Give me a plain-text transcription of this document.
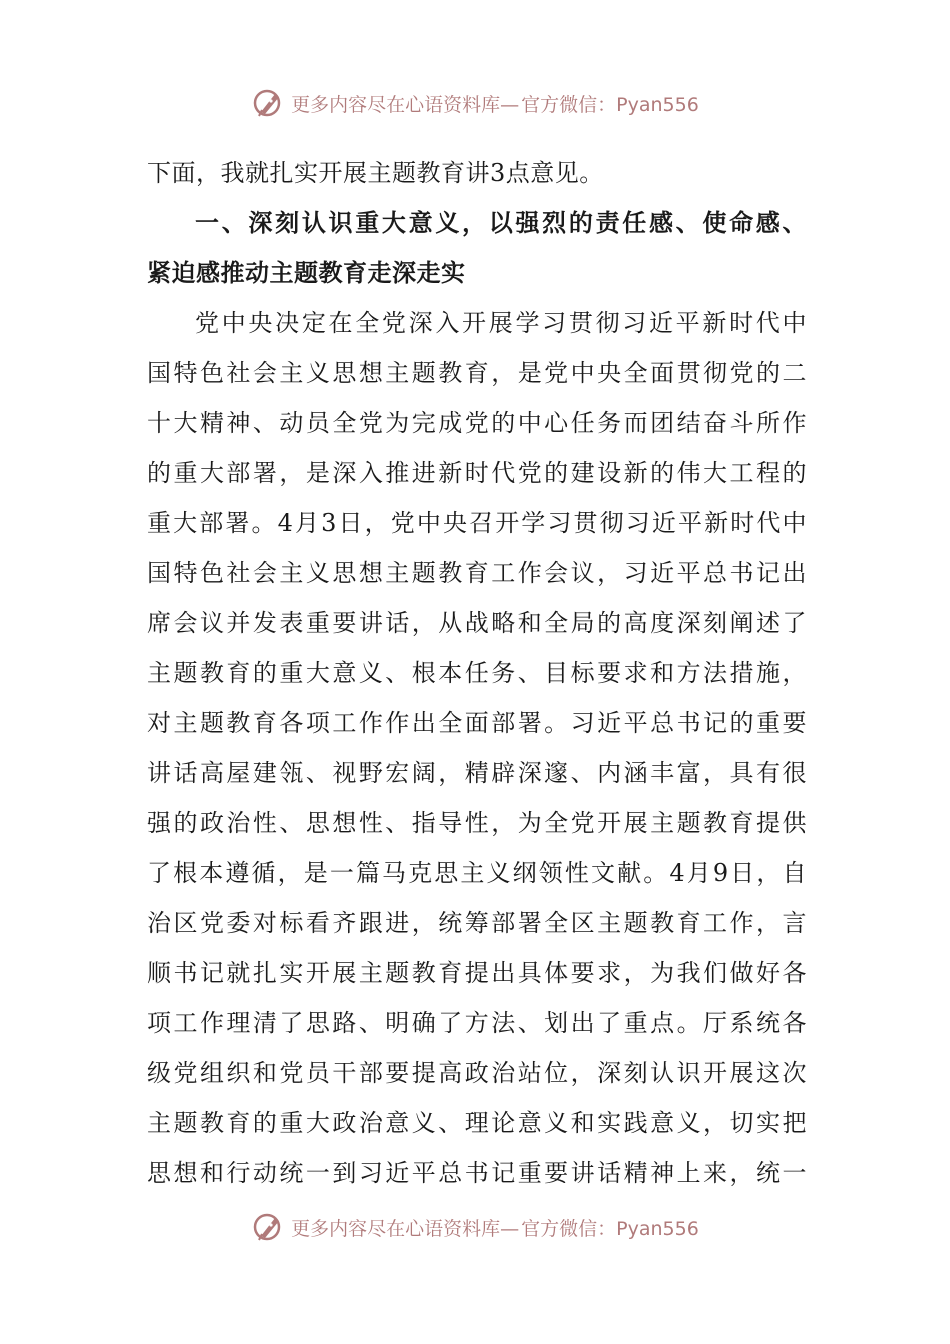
更多内容尽在心语资料库— 官方微信：Pyan556
下面，我就扎实开展主题教育讲3点意见。
一、深刻认识重大意义，以强烈的责任感、使命感、
紧迫感推动主题教育走深走实
党中央决定在全党深入开展学习贯彻习近平新时代中
国特色社会主义思想主题教育，是党中央全面贯彻党的二
十大精神、动员全党为完成党的中心任务而团结奋斗所作
的重大部署，是深入推进新时代党的建设新的伟大工程的
重大部署。4月3日，党中央召开学习贯彻习近平新时代中
国特色社会主义思想主题教育工作会议，习近平总书记出
席会议并发表重要讲话，从战略和全局的高度深刻阐述了
主题教育的重大意义、根本任务、目标要求和方法措施，
对主题教育各项工作作出全面部署。习近平总书记的重要
讲话高屋建瓴、视野宏阔，精辟深邃、内涵丰富，具有很
强的政治性、思想性、指导性，为全党开展主题教育提供
了根本遵循，是一篇马克思主义纲领性文献。4月9日，自
治区党委对标看齐跟进，统筹部署全区主题教育工作，言
顺书记就扎实开展主题教育提出具体要求，为我们做好各
项工作理清了思路、明确了方法、划出了重点。厅系统各
级党组织和党员干部要提高政治站位，深刻认识开展这次
主题教育的重大政治意义、理论意义和实践意义，切实把
思想和行动统一到习近平总书记重要讲话精神上来，统一
更多内容尽在心语资料库— 官方微信：Pyan556
